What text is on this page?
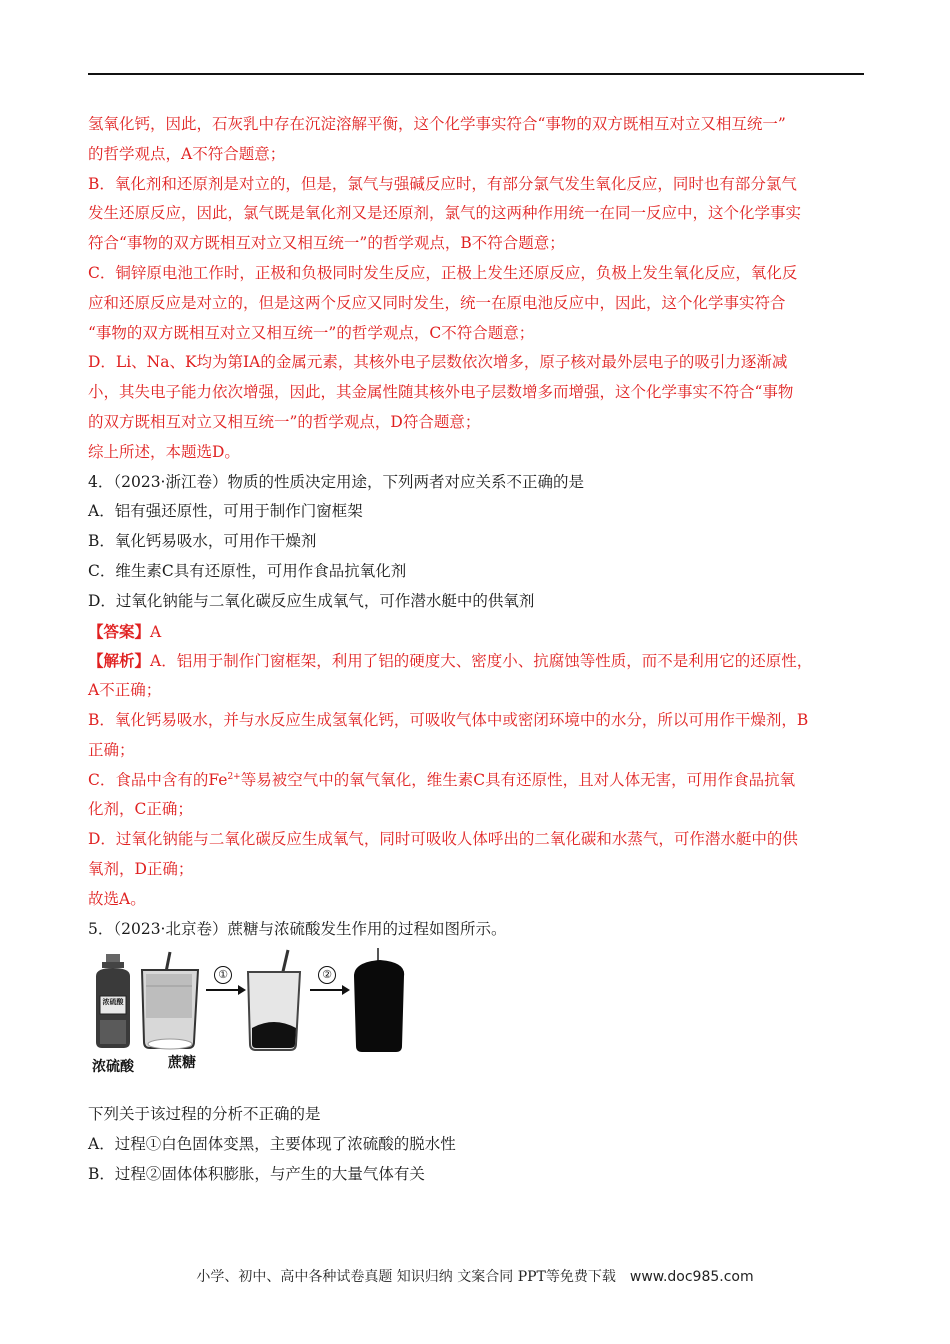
氢氧化钙，因此，石灰乳中存在沉淀溶解平衡，这个化学事实符合“事物的双方既相互对立又相互统一”
的哲学观点，A不符合题意；
B．氧化剂和还原剂是对立的，但是，氯气与强碱反应时，有部分氯气发生氧化反应，同时也有部分氯气
发生还原反应，因此，氯气既是氧化剂又是还原剂，氯气的这两种作用统一在同一反应中，这个化学事实
符合“事物的双方既相互对立又相互统一”的哲学观点，B不符合题意；
C．铜锌原电池工作时，正极和负极同时发生反应，正极上发生还原反应，负极上发生氧化反应，氧化反
应和还原反应是对立的，但是这两个反应又同时发生，统一在原电池反应中，因此，这个化学事实符合
“事物的双方既相互对立又相互统一”的哲学观点，C不符合题意；
D．Li、Na、K均为第ⅠA的金属元素，其核外电子层数依次增多，原子核对最外层电子的吸引力逐渐减
小，其失电子能力依次增强，因此，其金属性随其核外电子层数增多而增强，这个化学事实不符合“事物
的双方既相互对立又相互统一”的哲学观点，D符合题意；
综上所述，本题选D。
4．（2023·浙江卷）物质的性质决定用途，下列两者对应关系不正确的是
A．铝有强还原性，可用于制作门窗框架
B．氧化钙易吸水，可用作干燥剂
C．维生素C具有还原性，可用作食品抗氧化剂
D．过氧化钠能与二氧化碳反应生成氧气，可作潜水艇中的供氧剂
【答案】A
【解析】A．铝用于制作门窗框架，利用了铝的硬度大、密度小、抗腐蚀等性质，而不是利用它的还原性，
A不正确；
B．氧化钙易吸水，并与水反应生成氢氧化钙，可吸收气体中或密闭环境中的水分，所以可用作干燥剂，B
正确；
C．食品中含有的$Fe^{2+}$等易被空气中的氧气氧化，维生素C具有还原性，且对人体无害，可用作食品抗氧
化剂，C正确；
D．过氧化钠能与二氧化碳反应生成氧气，同时可吸收人体呼出的二氧化碳和水蒸气，可作潜水艇中的供
氧剂，D正确；
故选A。
5．（2023·北京卷）蔗糖与浓硫酸发生作用的过程如图所示。
①	②
浓硫酸
浓硫酸 蔗糖
下列关于该过程的分析不正确的是
A．过程①白色固体变黑，主要体现了浓硫酸的脱水性
B．过程②固体体积膨胀，与产生的大量气体有关
小学、初中、高中各种试卷真题 知识归纳 文案合同 PPT等免费下载 www.doc985.com
